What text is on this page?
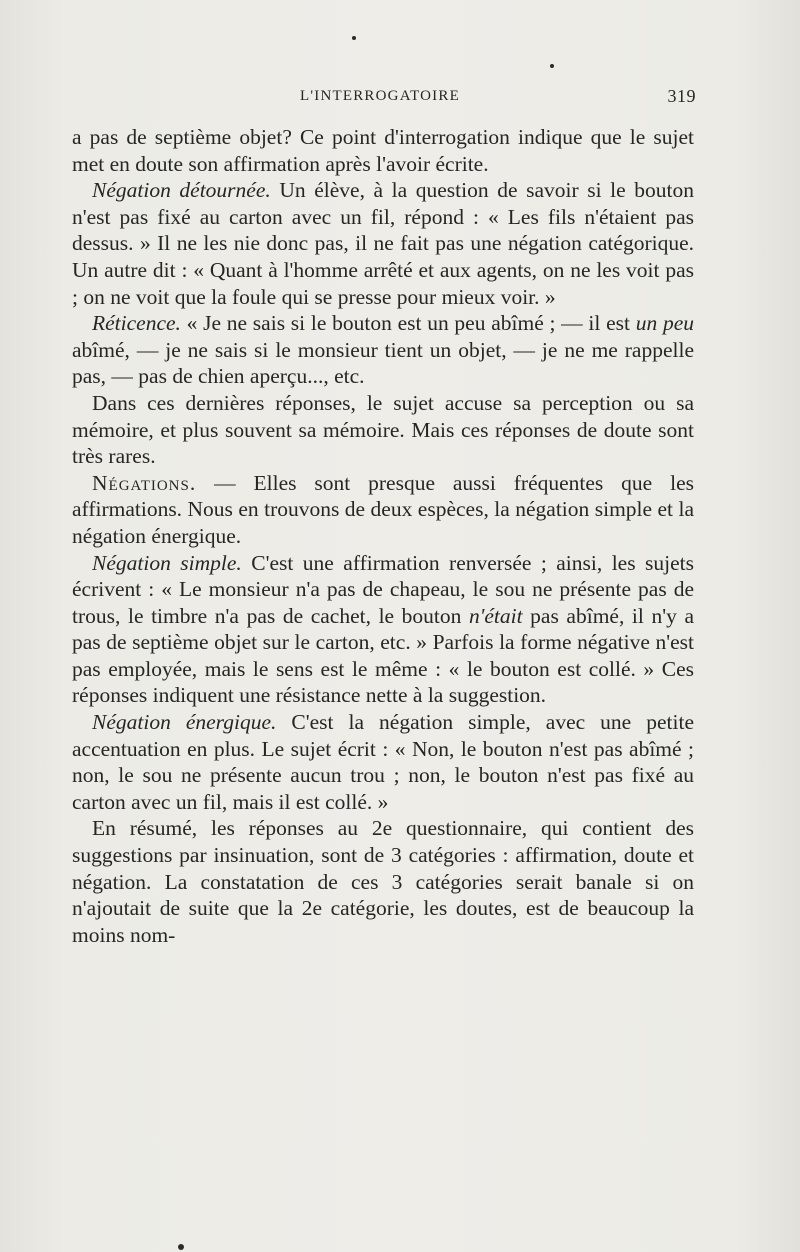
L'INTERROGATOIRE	319

a pas de septième objet? Ce point d'interrogation indique que le sujet met en doute son affirmation après l'avoir écrite.

Négation détournée. Un élève, à la question de savoir si le bouton n'est pas fixé au carton avec un fil, répond : « Les fils n'étaient pas dessus. » Il ne les nie donc pas, il ne fait pas une négation catégorique. Un autre dit : « Quant à l'homme arrêté et aux agents, on ne les voit pas ; on ne voit que la foule qui se presse pour mieux voir. »

Réticence. « Je ne sais si le bouton est un peu abîmé ; — il est un peu abîmé, — je ne sais si le monsieur tient un objet, — je ne me rappelle pas, — pas de chien aperçu..., etc.

Dans ces dernières réponses, le sujet accuse sa perception ou sa mémoire, et plus souvent sa mémoire. Mais ces réponses de doute sont très rares.

Négations. — Elles sont presque aussi fréquentes que les affirmations. Nous en trouvons de deux espèces, la négation simple et la négation énergique.

Négation simple. C'est une affirmation renversée ; ainsi, les sujets écrivent : « Le monsieur n'a pas de chapeau, le sou ne présente pas de trous, le timbre n'a pas de cachet, le bouton n'était pas abîmé, il n'y a pas de septième objet sur le carton, etc. » Parfois la forme négative n'est pas employée, mais le sens est le même : « le bouton est collé. » Ces réponses indiquent une résistance nette à la suggestion.

Négation énergique. C'est la négation simple, avec une petite accentuation en plus. Le sujet écrit : « Non, le bouton n'est pas abîmé ; non, le sou ne présente aucun trou ; non, le bouton n'est pas fixé au carton avec un fil, mais il est collé. »

En résumé, les réponses au 2e questionnaire, qui contient des suggestions par insinuation, sont de 3 catégories : affirmation, doute et négation. La constatation de ces 3 catégories serait banale si on n'ajoutait de suite que la 2e catégorie, les doutes, est de beaucoup la moins nom-
